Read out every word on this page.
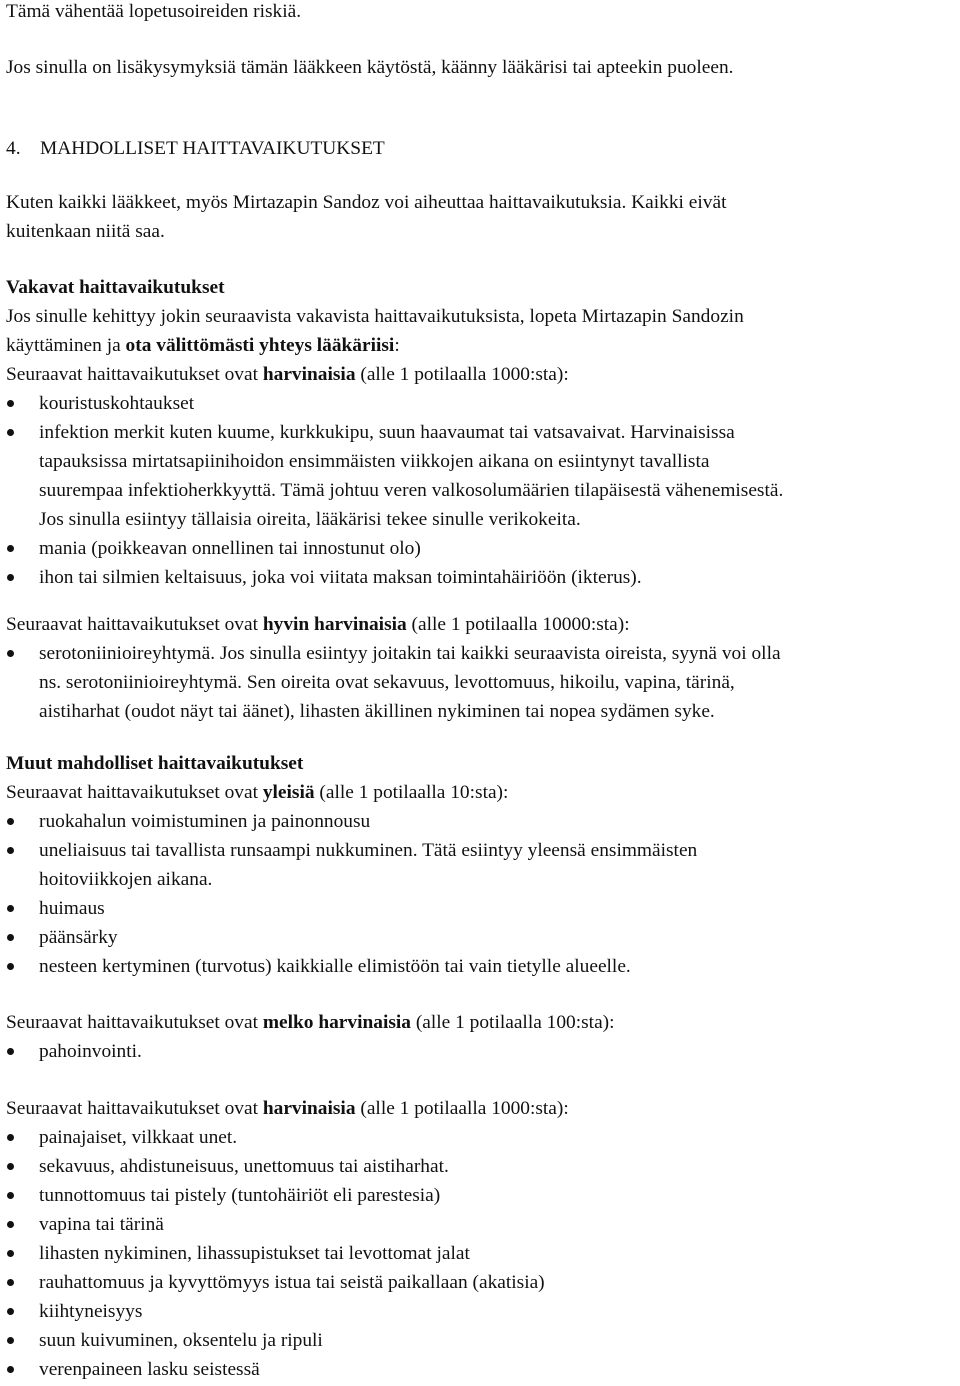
Tämä vähentää lopetusoireiden riskiä.
Jos sinulla on lisäkysymyksiä tämän lääkkeen käytöstä, käänny lääkärisi tai apteekin puoleen.
4. MAHDOLLISET HAITTAVAIKUTUKSET
Kuten kaikki lääkkeet, myös Mirtazapin Sandoz voi aiheuttaa haittavaikutuksia. Kaikki eivät
kuitenkaan niitä saa.
Vakavat haittavaikutukset
Jos sinulle kehittyy jokin seuraavista vakavista haittavaikutuksista, lopeta Mirtazapin Sandozin
käyttäminen ja ota välittömästi yhteys lääkäriisi:
Seuraavat haittavaikutukset ovat harvinaisia (alle 1 potilaalla 1000:sta):
kouristuskohtaukset
infektion merkit kuten kuume, kurkkukipu, suun haavaumat tai vatsavaivat. Harvinaisissa
tapauksissa mirtatsapiinihoidon ensimmäisten viikkojen aikana on esiintynyt tavallista
suurempaa infektioherkkyyttä. Tämä johtuu veren valkosolumäärien tilapäisestä vähenemisestä.
Jos sinulla esiintyy tällaisia oireita, lääkärisi tekee sinulle verikokeita.
mania (poikkeavan onnellinen tai innostunut olo)
ihon tai silmien keltaisuus, joka voi viitata maksan toimintahäiriöön (ikterus).
Seuraavat haittavaikutukset ovat hyvin harvinaisia (alle 1 potilaalla 10000:sta):
serotoniinioireyhtymä. Jos sinulla esiintyy joitakin tai kaikki seuraavista oireista, syynä voi olla
ns. serotoniinioireyhtymä. Sen oireita ovat sekavuus, levottomuus, hikoilu, vapina, tärinä,
aistiharhat (oudot näyt tai äänet), lihasten äkillinen nykiminen tai nopea sydämen syke.
Muut mahdolliset haittavaikutukset
Seuraavat haittavaikutukset ovat yleisiä (alle 1 potilaalla 10:sta):
ruokahalun voimistuminen ja painonnousu
uneliaisuus tai tavallista runsaampi nukkuminen. Tätä esiintyy yleensä ensimmäisten
hoitoviikkojen aikana.
huimaus
päänsärky
nesteen kertyminen (turvotus) kaikkialle elimistöön tai vain tietylle alueelle.
Seuraavat haittavaikutukset ovat melko harvinaisia (alle 1 potilaalla 100:sta):
pahoinvointi.
Seuraavat haittavaikutukset ovat harvinaisia (alle 1 potilaalla 1000:sta):
painajaiset, vilkkaat unet.
sekavuus, ahdistuneisuus, unettomuus tai aistiharhat.
tunnottomuus tai pistely (tuntohäiriöt eli parestesia)
vapina tai tärinä
lihasten nykiminen, lihassupistukset tai levottomat jalat
rauhattomuus ja kyvyttömyys istua tai seistä paikallaan (akatisia)
kiihtyneisyys
suun kuivuminen, oksentelu ja ripuli
verenpaineen lasku seistessä
